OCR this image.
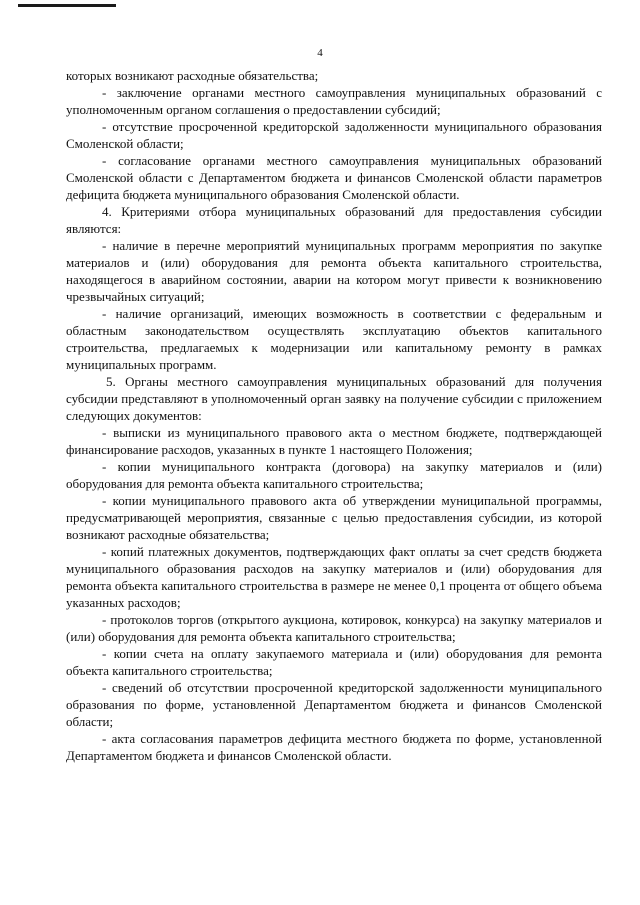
4

которых возникают расходные обязательства;

- заключение органами местного самоуправления муниципальных образований с уполномоченным органом соглашения о предоставлении субсидий;

- отсутствие просроченной кредиторской задолженности муниципального образования Смоленской области;

- согласование органами местного самоуправления муниципальных образований Смоленской области с Департаментом бюджета и финансов Смоленской области параметров дефицита бюджета муниципального образования Смоленской области.

4. Критериями отбора муниципальных образований для предоставления субсидии являются:

- наличие в перечне мероприятий муниципальных программ мероприятия по закупке материалов и (или) оборудования для ремонта объекта капитального строительства, находящегося в аварийном состоянии, аварии на котором могут привести к возникновению чрезвычайных ситуаций;

- наличие организаций, имеющих возможность в соответствии с федеральным и областным законодательством осуществлять эксплуатацию объектов капитального строительства, предлагаемых к модернизации или капитальному ремонту в рамках муниципальных программ.

5. Органы местного самоуправления муниципальных образований для получения субсидии представляют в уполномоченный орган заявку на получение субсидии с приложением следующих документов:

- выписки из муниципального правового акта о местном бюджете, подтверждающей финансирование расходов, указанных в пункте 1 настоящего Положения;

- копии муниципального контракта (договора) на закупку материалов и (или) оборудования для ремонта объекта капитального строительства;

- копии муниципального правового акта об утверждении муниципальной программы, предусматривающей мероприятия, связанные с целью предоставления субсидии, из которой возникают расходные обязательства;

- копий платежных документов, подтверждающих факт оплаты за счет средств бюджета муниципального образования расходов на закупку материалов и (или) оборудования для ремонта объекта капитального строительства в размере не менее 0,1 процента от общего объема указанных расходов;

- протоколов торгов (открытого аукциона, котировок, конкурса) на закупку материалов и (или) оборудования для ремонта объекта капитального строительства;

- копии счета на оплату закупаемого материала и (или) оборудования для ремонта объекта капитального строительства;

- сведений об отсутствии просроченной кредиторской задолженности муниципального образования по форме, установленной Департаментом бюджета и финансов Смоленской области;

- акта согласования параметров дефицита местного бюджета по форме, установленной Департаментом бюджета и финансов Смоленской области.
